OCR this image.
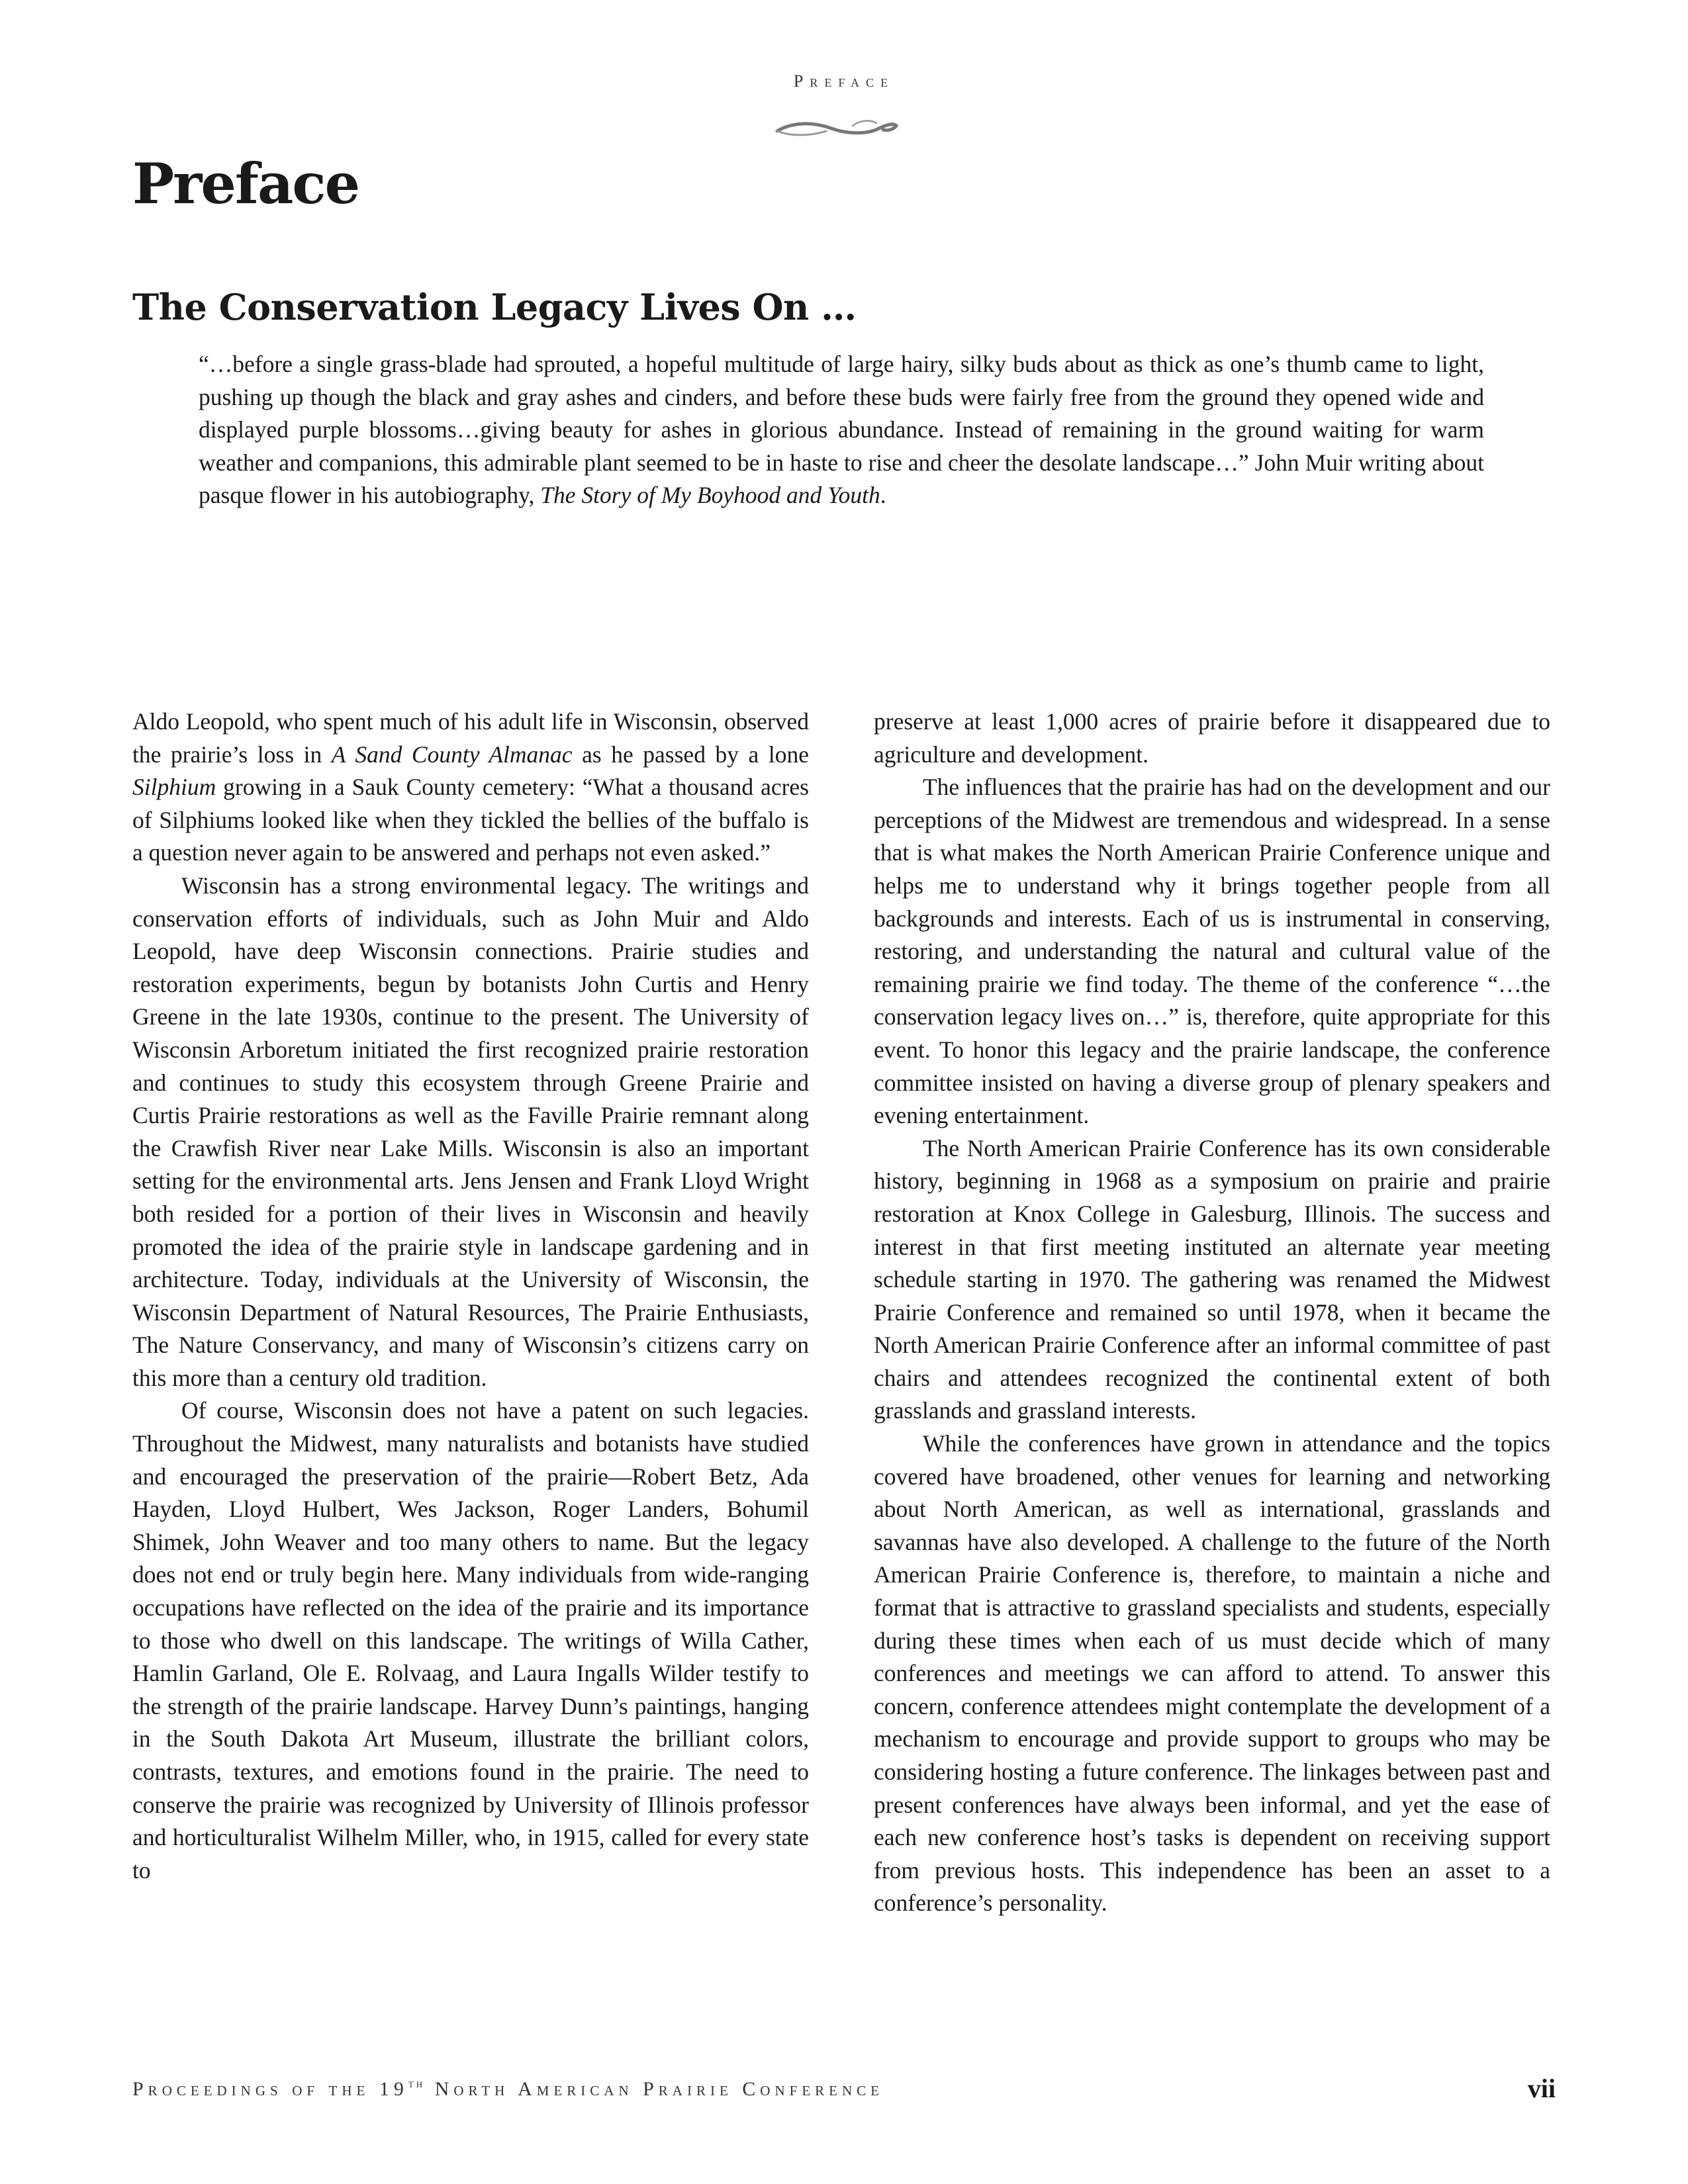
Preface
Preface
The Conservation Legacy Lives On …

“…before a single grass-blade had sprouted, a hopeful multitude of large hairy, silky buds about as thick as one’s thumb came to light, pushing up though the black and gray ashes and cinders, and before these buds were fairly free from the ground they opened wide and displayed purple blossoms…giving beauty for ashes in glorious abundance. Instead of remaining in the ground waiting for warm weather and companions, this admirable plant seemed to be in haste to rise and cheer the desolate landscape…” John Muir writing about pasque flower in his autobiography, The Story of My Boyhood and Youth.

Aldo Leopold, who spent much of his adult life in Wisconsin, observed the prairie’s loss in A Sand County Almanac as he passed by a lone Silphium growing in a Sauk County cemetery: “What a thousand acres of Silphiums looked like when they tickled the bellies of the buffalo is a question never again to be answered and perhaps not even asked.”

Wisconsin has a strong environmental legacy. The writings and conservation efforts of individuals, such as John Muir and Aldo Leopold, have deep Wisconsin connections. Prairie studies and restoration experiments, begun by botanists John Curtis and Henry Greene in the late 1930s, continue to the present. The University of Wisconsin Arboretum initiated the first recognized prairie restoration and continues to study this ecosystem through Greene Prairie and Curtis Prairie restorations as well as the Faville Prairie remnant along the Crawfish River near Lake Mills. Wisconsin is also an important setting for the environmental arts. Jens Jensen and Frank Lloyd Wright both resided for a portion of their lives in Wisconsin and heavily promoted the idea of the prairie style in landscape gardening and in architecture. Today, individuals at the University of Wisconsin, the Wisconsin Department of Natural Resources, The Prairie Enthusiasts, The Nature Conservancy, and many of Wisconsin’s citizens carry on this more than a century old tradition.

Of course, Wisconsin does not have a patent on such legacies. Throughout the Midwest, many naturalists and botanists have studied and encouraged the preservation of the prairie—Robert Betz, Ada Hayden, Lloyd Hulbert, Wes Jackson, Roger Landers, Bohumil Shimek, John Weaver and too many others to name. But the legacy does not end or truly begin here. Many individuals from wide-ranging occupations have reflected on the idea of the prairie and its importance to those who dwell on this landscape. The writings of Willa Cather, Hamlin Garland, Ole E. Rolvaag, and Laura Ingalls Wilder testify to the strength of the prairie landscape. Harvey Dunn’s paintings, hanging in the South Dakota Art Museum, illustrate the brilliant colors, contrasts, textures, and emotions found in the prairie. The need to conserve the prairie was recognized by University of Illinois professor and horticulturalist Wilhelm Miller, who, in 1915, called for every state to

preserve at least 1,000 acres of prairie before it disappeared due to agriculture and development.

The influences that the prairie has had on the development and our perceptions of the Midwest are tremendous and widespread. In a sense that is what makes the North American Prairie Conference unique and helps me to understand why it brings together people from all backgrounds and interests. Each of us is instrumental in conserving, restoring, and understanding the natural and cultural value of the remaining prairie we find today. The theme of the conference “…the conservation legacy lives on…” is, therefore, quite appropriate for this event. To honor this legacy and the prairie landscape, the conference committee insisted on having a diverse group of plenary speakers and evening entertainment.

The North American Prairie Conference has its own considerable history, beginning in 1968 as a symposium on prairie and prairie restoration at Knox College in Galesburg, Illinois. The success and interest in that first meeting instituted an alternate year meeting schedule starting in 1970. The gathering was renamed the Midwest Prairie Conference and remained so until 1978, when it became the North American Prairie Conference after an informal committee of past chairs and attendees recognized the continental extent of both grasslands and grassland interests.

While the conferences have grown in attendance and the topics covered have broadened, other venues for learning and networking about North American, as well as international, grasslands and savannas have also developed. A challenge to the future of the North American Prairie Conference is, therefore, to maintain a niche and format that is attractive to grassland specialists and students, especially during these times when each of us must decide which of many conferences and meetings we can afford to attend. To answer this concern, conference attendees might contemplate the development of a mechanism to encourage and provide support to groups who may be considering hosting a future conference. The linkages between past and present conferences have always been informal, and yet the ease of each new conference host’s tasks is dependent on receiving support from previous hosts. This independence has been an asset to a conference’s personality.

Proceedings of the 19th North American Prairie Conference	vii
